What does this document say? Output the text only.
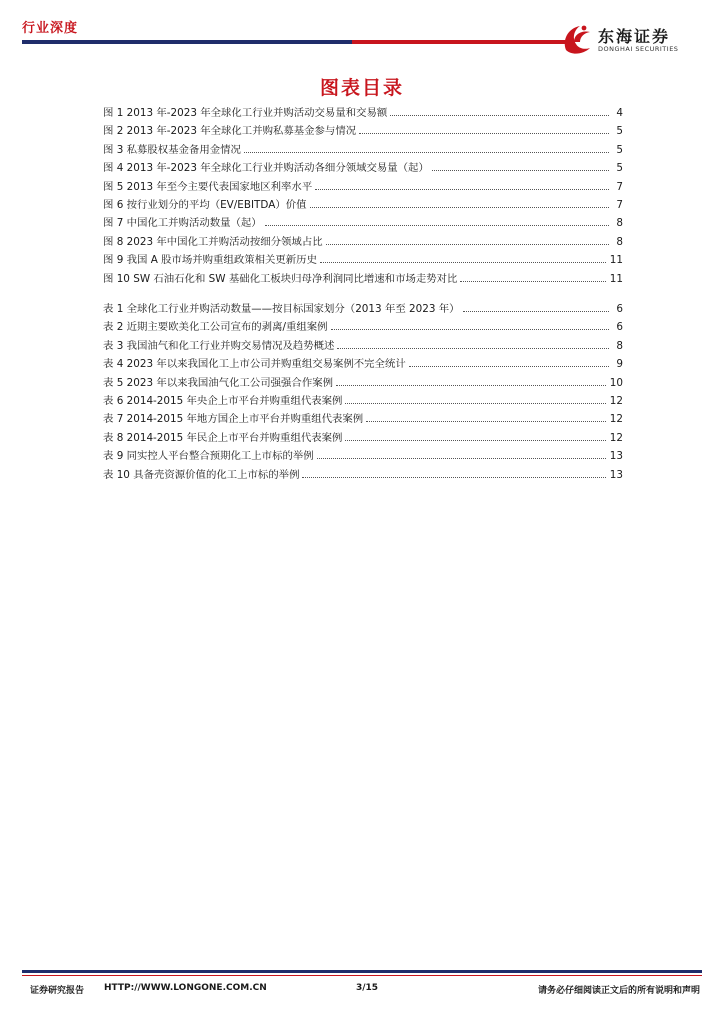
行业深度	东海证券
DONGHAI SECURITIES
图表目录
图 1 2013 年-2023 年全球化工行业并购活动交易量和交易额	4
图 2 2013 年-2023 年全球化工并购私募基金参与情况	5
图 3 私募股权基金备用金情况	5
图 4 2013 年-2023 年全球化工行业并购活动各细分领域交易量（起）	5
图 5 2013 年至今主要代表国家地区利率水平	7
图 6 按行业划分的平均（EV/EBITDA）价值	7
图 7 中国化工并购活动数量（起）	8
图 8 2023 年中国化工并购活动按细分领域占比	8
图 9 我国 A 股市场并购重组政策相关更新历史	11
图 10 SW 石油石化和 SW 基础化工板块归母净利润同比增速和市场走势对比	11
表 1 全球化工行业并购活动数量——按目标国家划分（2013 年至 2023 年）	6
表 2 近期主要欧美化工公司宣布的剥离/重组案例	6
表 3 我国油气和化工行业并购交易情况及趋势概述	8
表 4 2023 年以来我国化工上市公司并购重组交易案例不完全统计	9
表 5 2023 年以来我国油气化工公司强强合作案例	10
表 6 2014-2015 年央企上市平台并购重组代表案例	12
表 7 2014-2015 年地方国企上市平台并购重组代表案例	12
表 8 2014-2015 年民企上市平台并购重组代表案例	12
表 9 同实控人平台整合预期化工上市标的举例	13
表 10 具备壳资源价值的化工上市标的举例	13
证券研究报告 HTTP://WWW.LONGONE.COM.CN	3/15	请务必仔细阅读正文后的所有说明和声明
